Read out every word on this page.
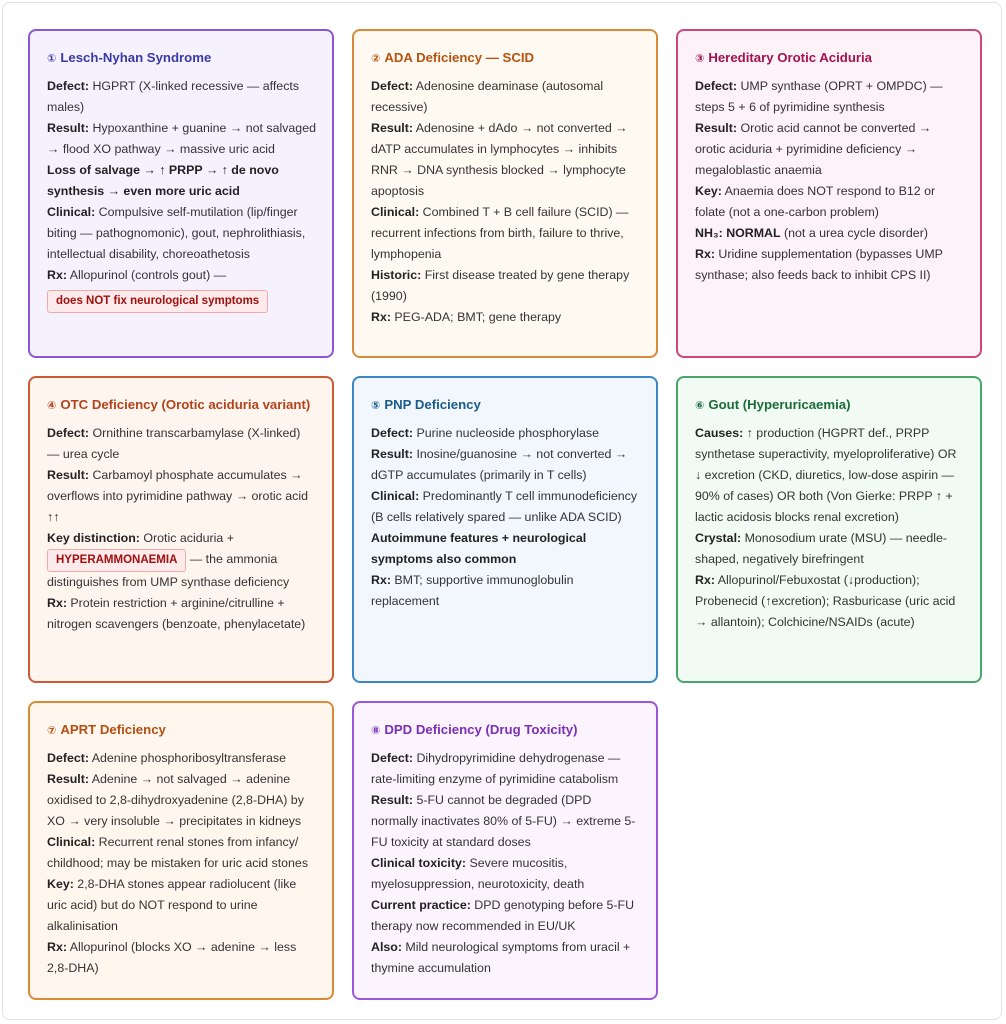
① Lesch-Nyhan Syndrome

Defect: HGPRT (X-linked recessive — affects males)

Result: Hypoxanthine + guanine → not salvaged → flood XO pathway → massive uric acid

Loss of salvage → ↑ PRPP → ↑ de novo synthesis → even more uric acid

Clinical: Compulsive self-mutilation (lip/finger biting — pathognomonic), gout, nephrolithiasis, intellectual disability, choreoathetosis

Rx: Allopurinol (controls gout) —

does NOT fix neurological symptoms
② ADA Deficiency — SCID

Defect: Adenosine deaminase (autosomal recessive)

Result: Adenosine + dAdo → not converted → dATP accumulates in lymphocytes → inhibits RNR → DNA synthesis blocked → lymphocyte apoptosis

Clinical: Combined T + B cell failure (SCID) — recurrent infections from birth, failure to thrive, lymphopenia

Historic: First disease treated by gene therapy (1990)

Rx: PEG-ADA; BMT; gene therapy

③ Hereditary Orotic Aciduria

Defect: UMP synthase (OPRT + OMPDC) — steps 5 + 6 of pyrimidine synthesis

Result: Orotic acid cannot be converted → orotic aciduria + pyrimidine deficiency → megaloblastic anaemia

Key: Anaemia does NOT respond to B12 or folate (not a one-carbon problem)

NH₃: NORMAL (not a urea cycle disorder)

Rx: Uridine supplementation (bypasses UMP synthase; also feeds back to inhibit CPS II)

④ OTC Deficiency (Orotic aciduria variant)

Defect: Ornithine transcarbamylase (X-linked) — urea cycle

Result: Carbamoyl phosphate accumulates → overflows into pyrimidine pathway → orotic acid ↑↑

Key distinction: Orotic aciduria +

HYPERAMMONAEMIA — the ammonia distinguishes from UMP synthase deficiency

Rx: Protein restriction + arginine/citrulline + nitrogen scavengers (benzoate, phenylacetate)

⑤ PNP Deficiency

Defect: Purine nucleoside phosphorylase

Result: Inosine/guanosine → not converted → dGTP accumulates (primarily in T cells)

Clinical: Predominantly T cell immunodeficiency (B cells relatively spared — unlike ADA SCID)

Autoimmune features + neurological symptoms also common

Rx: BMT; supportive immunoglobulin replacement

⑥ Gout (Hyperuricaemia)

Causes: ↑ production (HGPRT def., PRPP synthetase superactivity, myeloproliferative) OR ↓ excretion (CKD, diuretics, low-dose aspirin — 90% of cases) OR both (Von Gierke: PRPP ↑ + lactic acidosis blocks renal excretion)

Crystal: Monosodium urate (MSU) — needle-shaped, negatively birefringent

Rx: Allopurinol/Febuxostat (↓production); Probenecid (↑excretion); Rasburicase (uric acid → allantoin); Colchicine/NSAIDs (acute)

⑦ APRT Deficiency

Defect: Adenine phosphoribosyltransferase

Result: Adenine → not salvaged → adenine oxidised to 2,8-dihydroxyadenine (2,8-DHA) by XO → very insoluble → precipitates in kidneys

Clinical: Recurrent renal stones from infancy/ childhood; may be mistaken for uric acid stones

Key: 2,8-DHA stones appear radiolucent (like uric acid) but do NOT respond to urine alkalinisation

Rx: Allopurinol (blocks XO → adenine → less 2,8-DHA)

⑧ DPD Deficiency (Drug Toxicity)

Defect: Dihydropyrimidine dehydrogenase — rate-limiting enzyme of pyrimidine catabolism

Result: 5-FU cannot be degraded (DPD normally inactivates 80% of 5-FU) → extreme 5-FU toxicity at standard doses

Clinical toxicity: Severe mucositis, myelosuppression, neurotoxicity, death

Current practice: DPD genotyping before 5-FU therapy now recommended in EU/UK

Also: Mild neurological symptoms from uracil + thymine accumulation
